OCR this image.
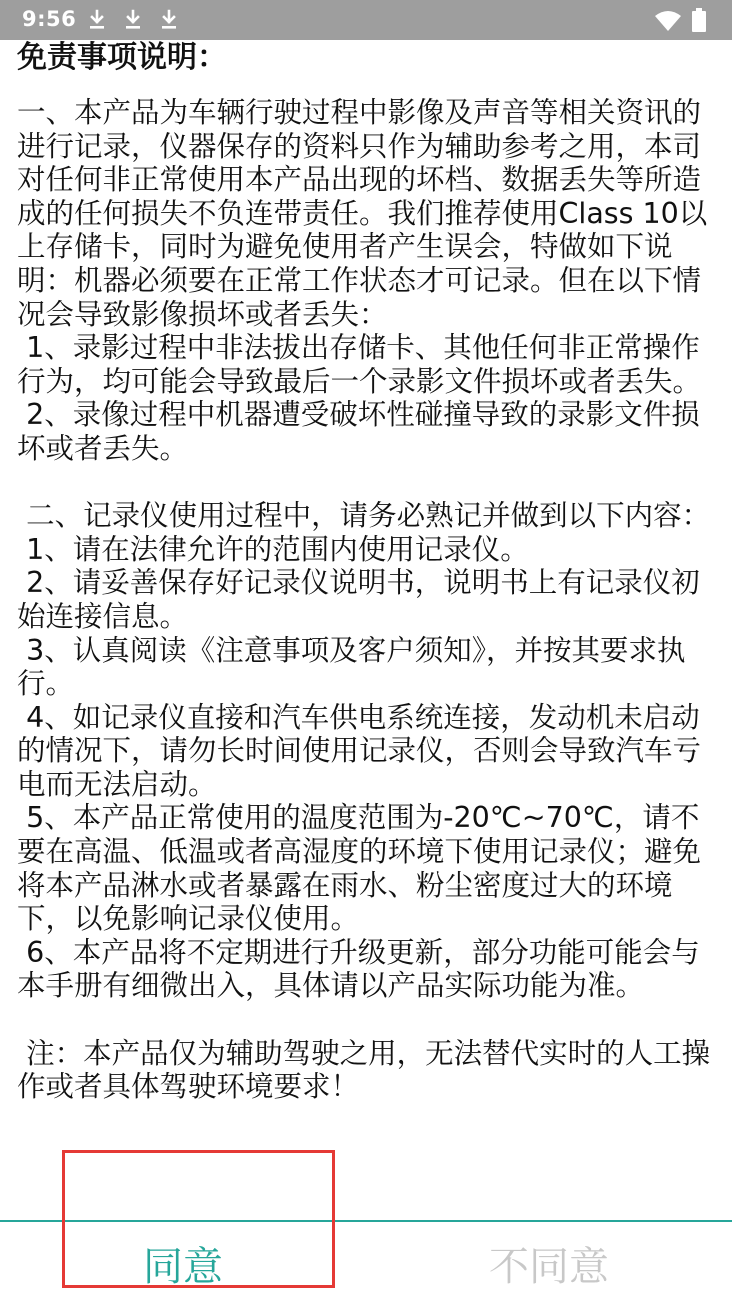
9:56
免责事项说明：

一、本产品为车辆行驶过程中影像及声音等相关资讯的进行记录，仪器保存的资料只作为辅助参考之用，本司对任何非正常使用本产品出现的坏档、数据丢失等所造成的任何损失不负连带责任。我们推荐使用Class 10以上存储卡，同时为避免使用者产生误会，特做如下说明：机器必须要在正常工作状态才可记录。但在以下情况会导致影像损坏或者丢失：
1、录影过程中非法拔出存储卡、其他任何非正常操作行为，均可能会导致最后一个录影文件损坏或者丢失。
2、录像过程中机器遭受破坏性碰撞导致的录影文件损坏或者丢失。

二、记录仪使用过程中，请务必熟记并做到以下内容：
1、请在法律允许的范围内使用记录仪。
2、请妥善保存好记录仪说明书，说明书上有记录仪初始连接信息。
3、认真阅读《注意事项及客户须知》，并按其要求执行。
4、如记录仪直接和汽车供电系统连接，发动机未启动的情况下，请勿长时间使用记录仪，否则会导致汽车亏电而无法启动。
5、本产品正常使用的温度范围为-20℃~70℃，请不要在高温、低温或者高湿度的环境下使用记录仪；避免将本产品淋水或者暴露在雨水、粉尘密度过大的环境下，以免影响记录仪使用。
6、本产品将不定期进行升级更新，部分功能可能会与本手册有细微出入，具体请以产品实际功能为准。

注：本产品仅为辅助驾驶之用，无法替代实时的人工操作或者具体驾驶环境要求！

同意	不同意
